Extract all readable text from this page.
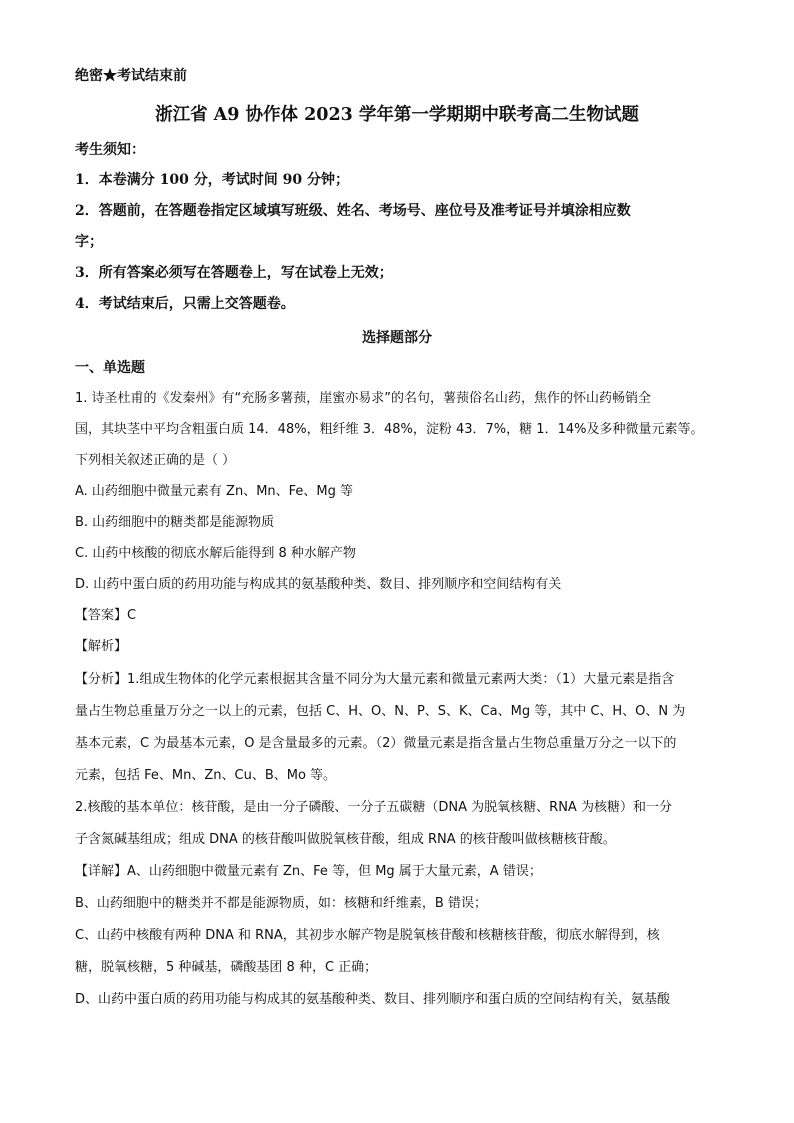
绝密★考试结束前
浙江省 A9 协作体 2023 学年第一学期期中联考高二生物试题
考生须知：
1．本卷满分 100 分，考试时间 90 分钟；
2．答题前，在答题卷指定区域填写班级、姓名、考场号、座位号及准考证号并填涂相应数
字；
3．所有答案必须写在答题卷上，写在试卷上无效；
4．考试结束后，只需上交答题卷。
选择题部分
一、单选题
1. 诗圣杜甫的《发秦州》有“充肠多薯蓣，崖蜜亦易求”的名句，薯蓣俗名山药，焦作的怀山药畅销全
国，其块茎中平均含粗蛋白质 14．48%，粗纤维 3．48%，淀粉 43．7%，糖 1．14%及多种微量元素等。
下列相关叙述正确的是（ ）
A. 山药细胞中微量元素有 Zn、Mn、Fe、Mg 等
B. 山药细胞中的糖类都是能源物质
C. 山药中核酸的彻底水解后能得到 8 种水解产物
D. 山药中蛋白质的药用功能与构成其的氨基酸种类、数目、排列顺序和空间结构有关
【答案】C
【解析】
【分析】1.组成生物体的化学元素根据其含量不同分为大量元素和微量元素两大类：（1）大量元素是指含
量占生物总重量万分之一以上的元素，包括 C、H、O、N、P、S、K、Ca、Mg 等，其中 C、H、O、N 为
基本元素，C 为最基本元素，O 是含量最多的元素。（2）微量元素是指含量占生物总重量万分之一以下的
元素，包括 Fe、Mn、Zn、Cu、B、Mo 等。
2.核酸的基本单位：核苷酸，是由一分子磷酸、一分子五碳糖（DNA 为脱氧核糖、RNA 为核糖）和一分
子含氮碱基组成；组成 DNA 的核苷酸叫做脱氧核苷酸，组成 RNA 的核苷酸叫做核糖核苷酸。
【详解】A、山药细胞中微量元素有 Zn、Fe 等，但 Mg 属于大量元素，A 错误；
B、山药细胞中的糖类并不都是能源物质，如：核糖和纤维素，B 错误；
C、山药中核酸有两种 DNA 和 RNA，其初步水解产物是脱氧核苷酸和核糖核苷酸，彻底水解得到，核
糖，脱氧核糖，5 种碱基，磷酸基团 8 种，C 正确；
D、山药中蛋白质的药用功能与构成其的氨基酸种类、数目、排列顺序和蛋白质的空间结构有关，氨基酸
